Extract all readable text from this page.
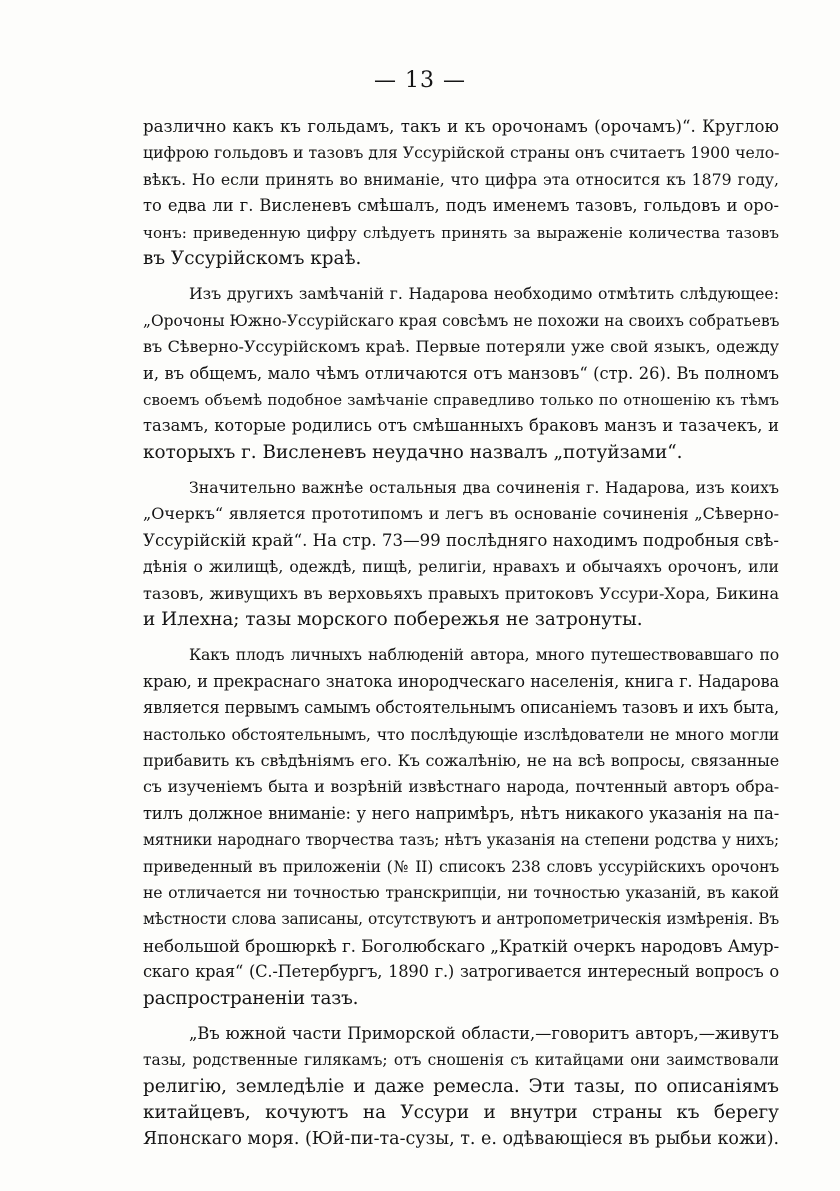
— 13 —
различно какъ къ гольдамъ, такъ и къ орочонамъ (орочамъ)“. Круглою
цифрою гольдовъ и тазовъ для Уссурійской страны онъ считаетъ 1900 чело-
вѣкъ. Но если принять во вниманіе, что цифра эта относится къ 1879 году,
то едва ли г. Висленевъ смѣшалъ, подъ именемъ тазовъ, гольдовъ и оро-
чонъ: приведенную цифру слѣдуетъ принять за выраженіе количества тазовъ
въ Уссурійскомъ краѣ.
Изъ другихъ замѣчаній г. Надарова необходимо отмѣтить слѣдующее:
„Орочоны Южно-Уссурійскаго края совсѣмъ не похожи на своихъ собратьевъ
въ Сѣверно-Уссурійскомъ краѣ. Первые потеряли уже свой языкъ, одежду
и, въ общемъ, мало чѣмъ отличаются отъ манзовъ“ (стр. 26). Въ полномъ
своемъ объемѣ подобное замѣчаніе справедливо только по отношенію къ тѣмъ
тазамъ, которые родились отъ смѣшанныхъ браковъ манзъ и тазачекъ, и
которыхъ г. Висленевъ неудачно назвалъ „потуйзами“.
Значительно важнѣе остальныя два сочиненія г. Надарова, изъ коихъ
„Очеркъ“ является прототипомъ и легъ въ основаніе сочиненія „Сѣверно-
Уссурійскій край“. На стр. 73—99 послѣдняго находимъ подробныя свѣ-
дѣнія о жилищѣ, одеждѣ, пищѣ, религіи, нравахъ и обычаяхъ орочонъ, или
тазовъ, живущихъ въ верховьяхъ правыхъ притоковъ Уссури-Хора, Бикина
и Илехна; тазы морского побережья не затронуты.
Какъ плодъ личныхъ наблюденій автора, много путешествовавшаго по
краю, и прекраснаго знатока инородческаго населенія, книга г. Надарова
является первымъ самымъ обстоятельнымъ описаніемъ тазовъ и ихъ быта,
настолько обстоятельнымъ, что послѣдующіе изслѣдователи не много могли
прибавить къ свѣдѣніямъ его. Къ сожалѣнію, не на всѣ вопросы, связанные
съ изученіемъ быта и возрѣній извѣстнаго народа, почтенный авторъ обра-
тилъ должное вниманіе: у него напримѣръ, нѣтъ никакого указанія на па-
мятники народнаго творчества тазъ; нѣтъ указанія на степени родства у нихъ;
приведенный въ приложеніи (№ II) списокъ 238 словъ уссурійскихъ орочонъ
не отличается ни точностью транскрипціи, ни точностью указаній, въ какой
мѣстности слова записаны, отсутствуютъ и антропометрическія измѣренія. Въ
небольшой брошюркѣ г. Боголюбскаго „Краткій очеркъ народовъ Амур-
скаго края“ (С.-Петербургъ, 1890 г.) затрогивается интересный вопросъ о
распространеніи тазъ.
„Въ южной части Приморской области,—говоритъ авторъ,—живутъ
тазы, родственные гилякамъ; отъ сношенія съ китайцами они заимствовали
религію, земледѣліе и даже ремесла. Эти тазы, по описаніямъ
китайцевъ, кочуютъ на Уссури и внутри страны къ берегу
Японскаго моря. (Юй-пи-та-сузы, т. е. одѣвающіеся въ рыбьи кожи).
